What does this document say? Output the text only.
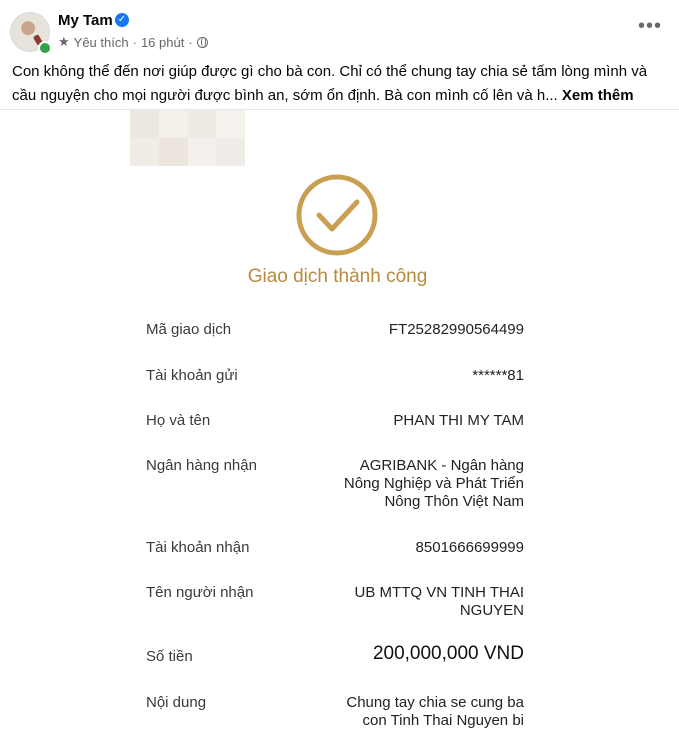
My Tam ✓
★ Yêu thích · 16 phút ·
•••
Con không thể đến nơi giúp được gì cho bà con. Chỉ có thể chung tay chia sẻ tấm lòng mình và cầu nguyện cho mọi người được bình an, sớm ổn định. Bà con mình cố lên và h... Xem thêm
Giao dịch thành công
Mã giao dịch	FT25282990564499
Tài khoản gửi	******81
Họ và tên	PHAN THI MY TAM
Ngân hàng nhận	AGRIBANK - Ngân hàng
Nông Nghiệp và Phát Triển
Nông Thôn Việt Nam
Tài khoản nhận	8501666699999
Tên người nhận	UB MTTQ VN TINH THAI
NGUYEN
Số tiền	200,000,000 VND
Nội dung	Chung tay chia se cung ba
con Tinh Thai Nguyen bi
